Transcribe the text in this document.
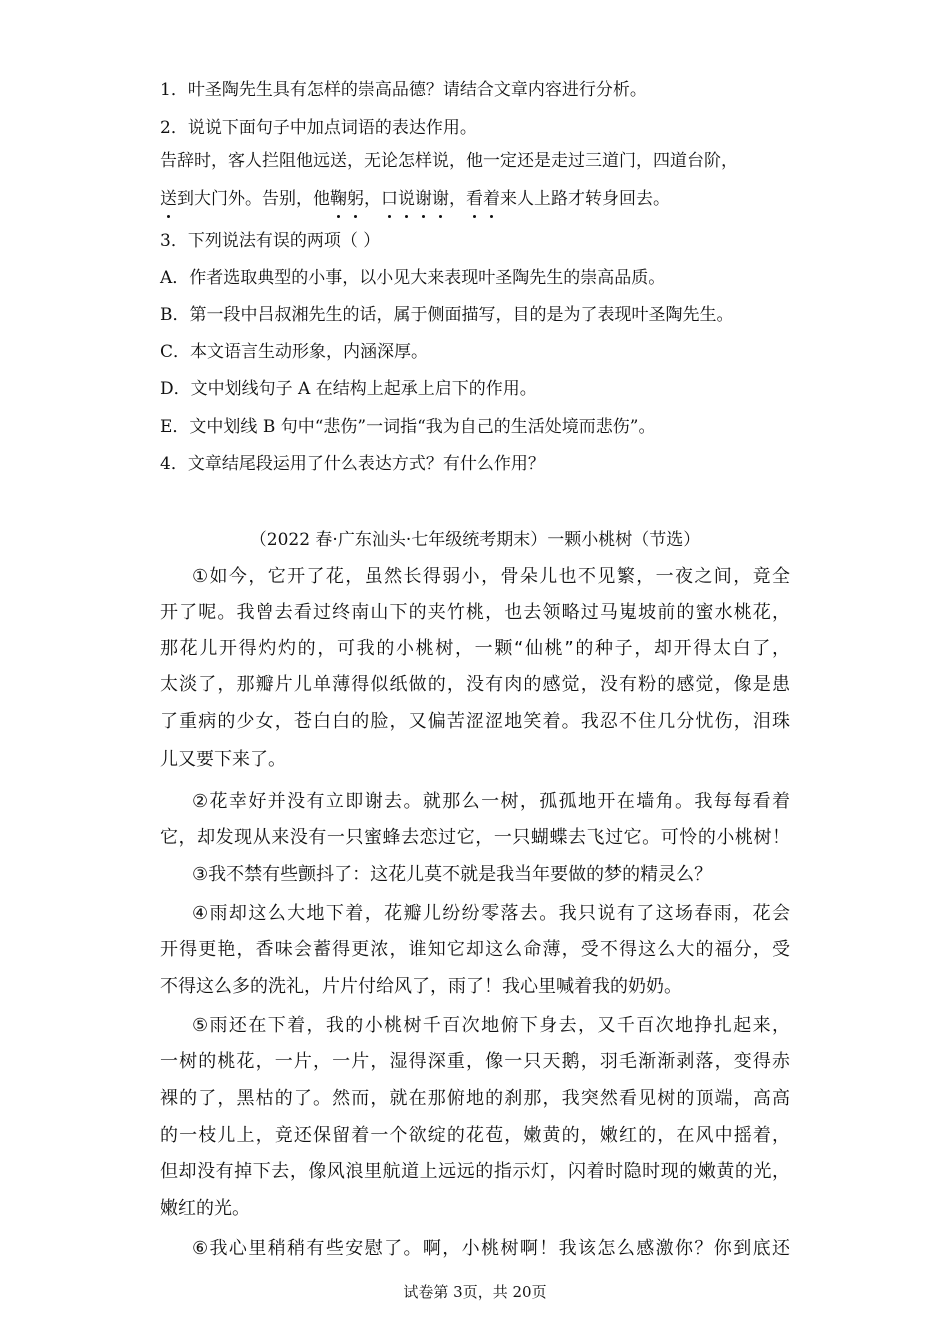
1．叶圣陶先生具有怎样的崇高品德？请结合文章内容进行分析。
2．说说下面句子中加点词语的表达作用。
告辞时，客人拦阻他远送，无论怎样说，他一定还是走过三道门，四道台阶，
送到大门外。告别，他鞠躬，口说谢谢，看着来人上路才转身回去。
3．下列说法有误的两项（ ）
A．作者选取典型的小事，以小见大来表现叶圣陶先生的崇高品质。
B．第一段中吕叔湘先生的话，属于侧面描写，目的是为了表现叶圣陶先生。
C．本文语言生动形象，内涵深厚。
D．文中划线句子 A 在结构上起承上启下的作用。
E．文中划线 B 句中“悲伤”一词指“我为自己的生活处境而悲伤”。
4．文章结尾段运用了什么表达方式？有什么作用？
（2022 春·广东汕头·七年级统考期末）一颗小桃树（节选）
①如今，它开了花，虽然长得弱小，骨朵儿也不见繁，一夜之间，竟全
开了呢。我曾去看过终南山下的夹竹桃，也去领略过马嵬坡前的蜜水桃花，
那花儿开得灼灼的，可我的小桃树，一颗“仙桃”的种子，却开得太白了，
太淡了，那瓣片儿单薄得似纸做的，没有肉的感觉，没有粉的感觉，像是患
了重病的少女，苍白白的脸，又偏苦涩涩地笑着。我忍不住几分忧伤，泪珠
儿又要下来了。
②花幸好并没有立即谢去。就那么一树，孤孤地开在墙角。我每每看着
它，却发现从来没有一只蜜蜂去恋过它，一只蝴蝶去飞过它。可怜的小桃树！
③我不禁有些颤抖了：这花儿莫不就是我当年要做的梦的精灵么？
④雨却这么大地下着，花瓣儿纷纷零落去。我只说有了这场春雨，花会
开得更艳，香味会蓄得更浓，谁知它却这么命薄，受不得这么大的福分，受
不得这么多的洗礼，片片付给风了，雨了！我心里喊着我的奶奶。
⑤雨还在下着，我的小桃树千百次地俯下身去，又千百次地挣扎起来，
一树的桃花，一片，一片，湿得深重，像一只天鹅，羽毛渐渐剥落，变得赤
裸的了，黑枯的了。然而，就在那俯地的刹那，我突然看见树的顶端，高高
的一枝儿上，竟还保留着一个欲绽的花苞，嫩黄的，嫩红的，在风中摇着，
但却没有掉下去，像风浪里航道上远远的指示灯，闪着时隐时现的嫩黄的光，
嫩红的光。
⑥我心里稍稍有些安慰了。啊，小桃树啊！我该怎么感激你？你到底还
试卷第 3页，共 20页
